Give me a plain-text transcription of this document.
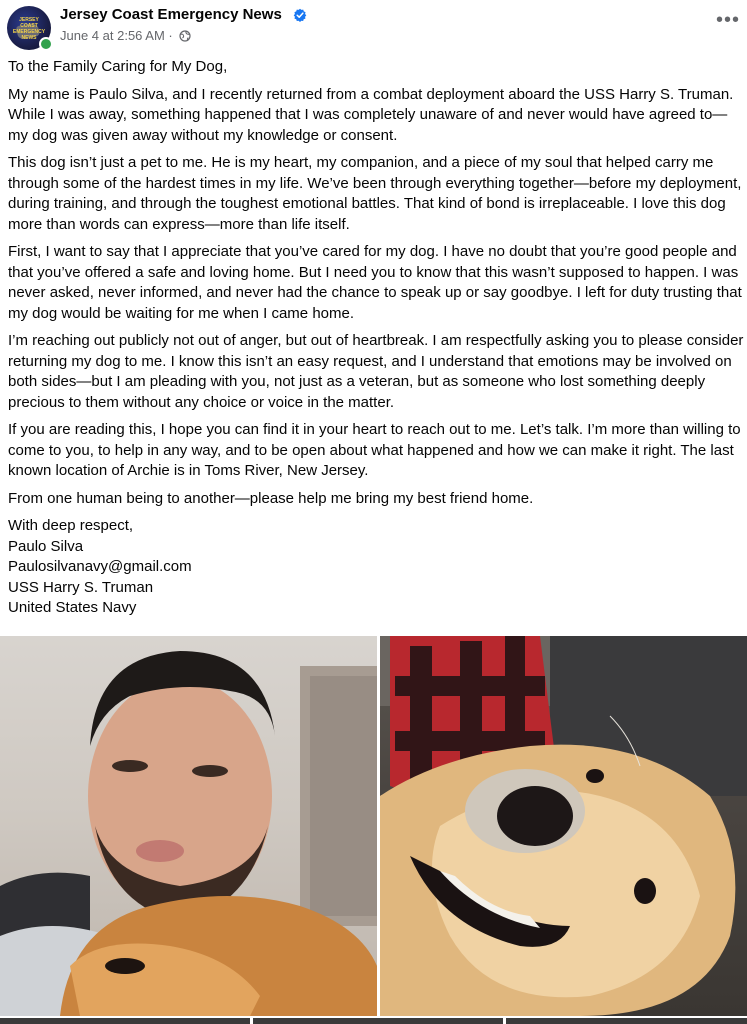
JERSEY COAST EMERGENCY NEWS
Jersey Coast Emergency News
June 4 at 2:56 AM ·
•••

To the Family Caring for My Dog,

My name is Paulo Silva, and I recently returned from a combat deployment aboard the USS Harry S. Truman. While I was away, something happened that I was completely unaware of and never would have agreed to—my dog was given away without my knowledge or consent.

This dog isn’t just a pet to me. He is my heart, my companion, and a piece of my soul that helped carry me through some of the hardest times in my life. We’ve been through everything together—before my deployment, during training, and through the toughest emotional battles. That kind of bond is irreplaceable. I love this dog more than words can express—more than life itself.

First, I want to say that I appreciate that you’ve cared for my dog. I have no doubt that you’re good people and that you’ve offered a safe and loving home. But I need you to know that this wasn’t supposed to happen. I was never asked, never informed, and never had the chance to speak up or say goodbye. I left for duty trusting that my dog would be waiting for me when I came home.

I’m reaching out publicly not out of anger, but out of heartbreak. I am respectfully asking you to please consider returning my dog to me. I know this isn’t an easy request, and I understand that emotions may be involved on both sides—but I am pleading with you, not just as a veteran, but as someone who lost something deeply precious to them without any choice or voice in the matter.

If you are reading this, I hope you can find it in your heart to reach out to me. Let’s talk. I’m more than willing to come to you, to help in any way, and to be open about what happened and how we can make it right. The last known location of Archie is in Toms River, New Jersey.

From one human being to another—please help me bring my best friend home.

With deep respect,
Paulo Silva
Paulosilvanavy@gmail.com
USS Harry S. Truman
United States Navy
